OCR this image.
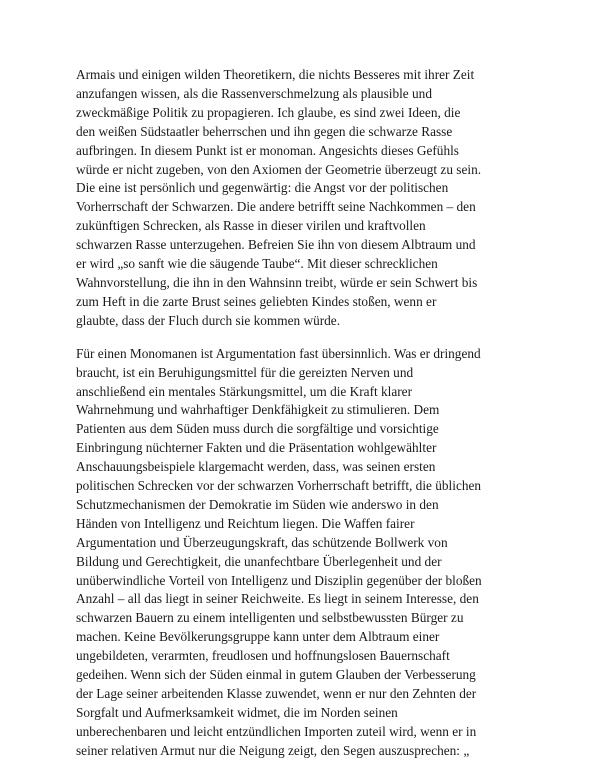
Armais und einigen wilden Theoretikern, die nichts Besseres mit ihrer Zeit
anzufangen wissen, als die Rassenverschmelzung als plausible und
zweckmäßige Politik zu propagieren. Ich glaube, es sind zwei Ideen, die
den weißen Südstaatler beherrschen und ihn gegen die schwarze Rasse
aufbringen. In diesem Punkt ist er monoman. Angesichts dieses Gefühls
würde er nicht zugeben, von den Axiomen der Geometrie überzeugt zu sein.
Die eine ist persönlich und gegenwärtig: die Angst vor der politischen
Vorherrschaft der Schwarzen. Die andere betrifft seine Nachkommen – den
zukünftigen Schrecken, als Rasse in dieser virilen und kraftvollen
schwarzen Rasse unterzugehen. Befreien Sie ihn von diesem Albtraum und
er wird „so sanft wie die säugende Taube“. Mit dieser schrecklichen
Wahnvorstellung, die ihn in den Wahnsinn treibt, würde er sein Schwert bis
zum Heft in die zarte Brust seines geliebten Kindes stoßen, wenn er
glaubte, dass der Fluch durch sie kommen würde.

Für einen Monomanen ist Argumentation fast übersinnlich. Was er dringend
braucht, ist ein Beruhigungsmittel für die gereizten Nerven und
anschließend ein mentales Stärkungsmittel, um die Kraft klarer
Wahrnehmung und wahrhaftiger Denkfähigkeit zu stimulieren. Dem
Patienten aus dem Süden muss durch die sorgfältige und vorsichtige
Einbringung nüchterner Fakten und die Präsentation wohlgewählter
Anschauungsbeispiele klargemacht werden, dass, was seinen ersten
politischen Schrecken vor der schwarzen Vorherrschaft betrifft, die üblichen
Schutzmechanismen der Demokratie im Süden wie anderswo in den
Händen von Intelligenz und Reichtum liegen. Die Waffen fairer
Argumentation und Überzeugungskraft, das schützende Bollwerk von
Bildung und Gerechtigkeit, die unanfechtbare Überlegenheit und der
unüberwindliche Vorteil von Intelligenz und Disziplin gegenüber der bloßen
Anzahl – all das liegt in seiner Reichweite. Es liegt in seinem Interesse, den
schwarzen Bauern zu einem intelligenten und selbstbewussten Bürger zu
machen. Keine Bevölkerungsgruppe kann unter dem Albtraum einer
ungebildeten, verarmten, freudlosen und hoffnungslosen Bauernschaft
gedeihen. Wenn sich der Süden einmal in gutem Glauben der Verbesserung
der Lage seiner arbeitenden Klasse zuwendet, wenn er nur den Zehnten der
Sorgfalt und Aufmerksamkeit widmet, die im Norden seinen
unberechenbaren und leicht entzündlichen Importen zuteil wird, wenn er in
seiner relativen Armut nur die Neigung zeigt, den Segen auszusprechen: „
